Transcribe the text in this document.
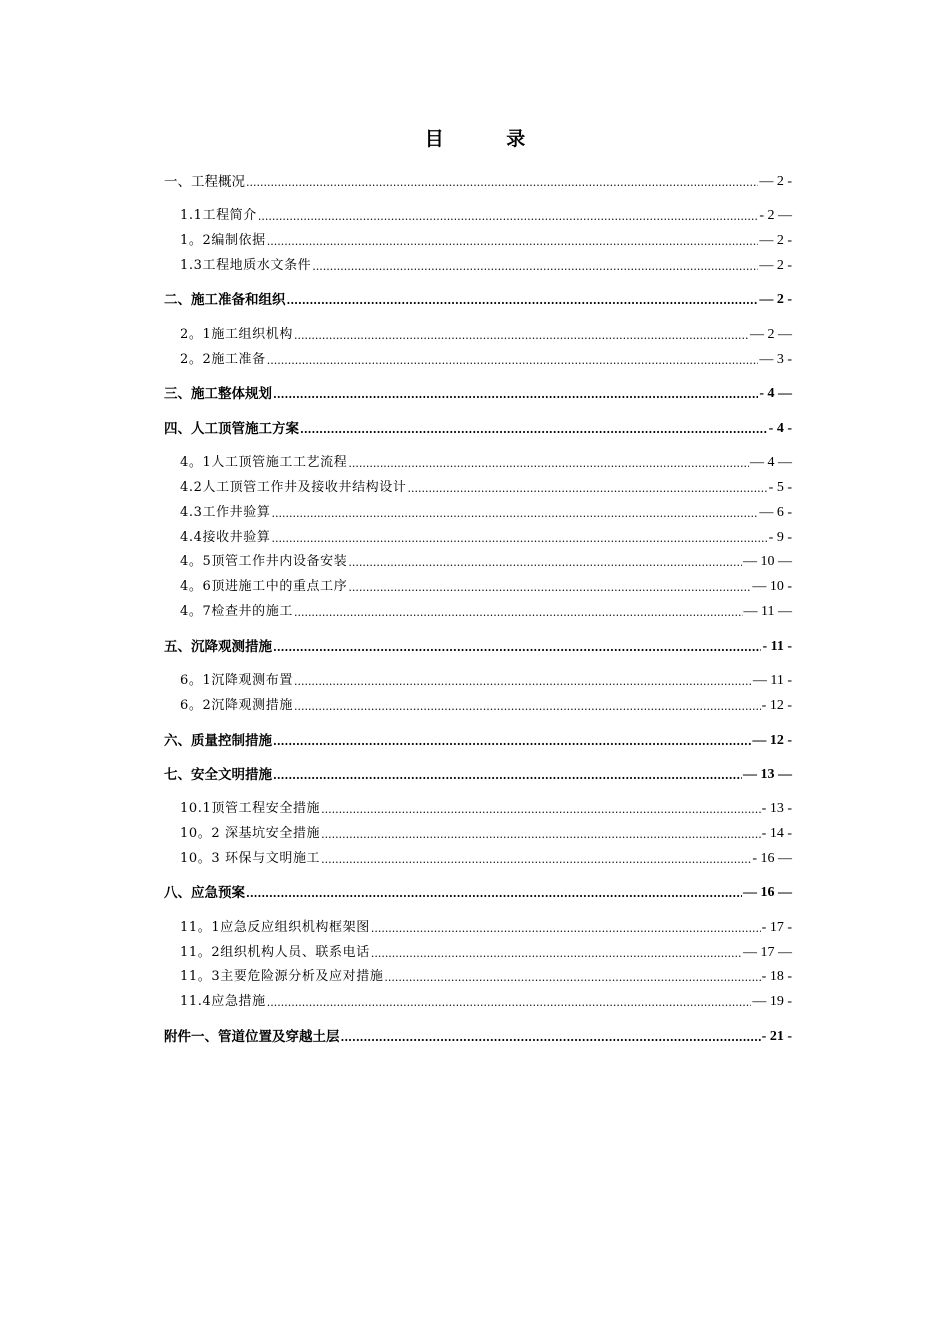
目 录
一、工程概况 .....	— 2 -
1.1工程简介 .....	- 2 —
1。2编制依据 .....	— 2 -
1.3工程地质水文条件 .....	— 2 -
二、施工准备和组织 .....	— 2 -
2。1施工组织机构 .....	— 2 —
2。2施工准备 .....	— 3 -
三、施工整体规划 .....	- 4 —
四、人工顶管施工方案 .....	- 4 -
4。1人工顶管施工工艺流程 .....	— 4 —
4.2人工顶管工作井及接收井结构设计 .....	- 5 -
4.3工作井验算 .....	— 6 -
4.4接收井验算 .....	- 9 -
4。5顶管工作井内设备安装 .....	— 10 —
4。6顶进施工中的重点工序 .....	— 10 -
4。7检查井的施工 .....	— 11 —
五、沉降观测措施 .....	- 11 -
6。1沉降观测布置 .....	— 11 -
6。2沉降观测措施 .....	- 12 -
六、质量控制措施 .....	— 12 -
七、安全文明措施 .....	— 13 —
10.1顶管工程安全措施 .....	- 13 -
10。2 深基坑安全措施 .....	- 14 -
10。3 环保与文明施工 .....	- 16 —
八、应急预案 .....	— 16 —
11。1应急反应组织机构框架图 .....	- 17 -
11。2组织机构人员、联系电话 .....	— 17 —
11。3主要危险源分析及应对措施 .....	- 18 -
11.4应急措施 .....	— 19 -
附件一、管道位置及穿越土层 .....	- 21 -
